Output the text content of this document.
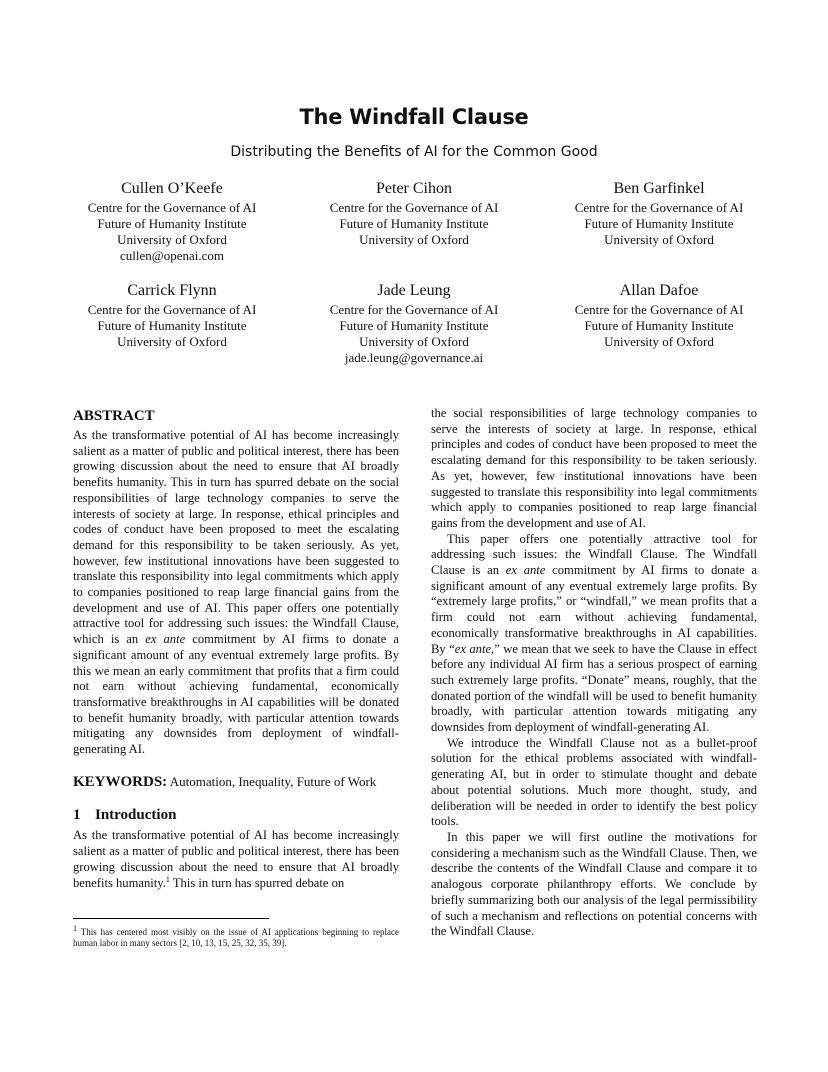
The Windfall Clause
Distributing the Benefits of AI for the Common Good
Cullen O’Keefe
Centre for the Governance of AI
Future of Humanity Institute
University of Oxford
cullen@openai.com
Peter Cihon
Centre for the Governance of AI
Future of Humanity Institute
University of Oxford
Ben Garfinkel
Centre for the Governance of AI
Future of Humanity Institute
University of Oxford
Carrick Flynn
Centre for the Governance of AI
Future of Humanity Institute
University of Oxford
Jade Leung
Centre for the Governance of AI
Future of Humanity Institute
University of Oxford
jade.leung@governance.ai
Allan Dafoe
Centre for the Governance of AI
Future of Humanity Institute
University of Oxford

ABSTRACT

As the transformative potential of AI has become increasingly salient as a matter of public and political interest, there has been growing discussion about the need to ensure that AI broadly benefits humanity. This in turn has spurred debate on the social responsibilities of large technology companies to serve the interests of society at large. In response, ethical principles and codes of conduct have been proposed to meet the escalating demand for this responsibility to be taken seriously. As yet, however, few institutional innovations have been suggested to translate this responsibility into legal commitments which apply to companies positioned to reap large financial gains from the development and use of AI. This paper offers one potentially attractive tool for addressing such issues: the Windfall Clause, which is an ex ante commitment by AI firms to donate a significant amount of any eventual extremely large profits. By this we mean an early commitment that profits that a firm could not earn without achieving fundamental, economically transformative breakthroughs in AI capabilities will be donated to benefit humanity broadly, with particular attention towards mitigating any downsides from deployment of windfall-generating AI.

KEYWORDS: Automation, Inequality, Future of Work

1 Introduction

As the transformative potential of AI has become increasingly salient as a matter of public and political interest, there has been growing discussion about the need to ensure that AI broadly benefits humanity.$^1$ This in turn has spurred debate on

$^1$ This has centered most visibly on the issue of AI applications beginning to replace human labor in many sectors [2, 10, 13, 15, 25, 32, 35, 39].

the social responsibilities of large technology companies to serve the interests of society at large. In response, ethical principles and codes of conduct have been proposed to meet the escalating demand for this responsibility to be taken seriously. As yet, however, few institutional innovations have been suggested to translate this responsibility into legal commitments which apply to companies positioned to reap large financial gains from the development and use of AI.

This paper offers one potentially attractive tool for addressing such issues: the Windfall Clause. The Windfall Clause is an ex ante commitment by AI firms to donate a significant amount of any eventual extremely large profits. By “extremely large profits,” or “windfall,” we mean profits that a firm could not earn without achieving fundamental, economically transformative breakthroughs in AI capabilities. By “ex ante,” we mean that we seek to have the Clause in effect before any individual AI firm has a serious prospect of earning such extremely large profits. “Donate” means, roughly, that the donated portion of the windfall will be used to benefit humanity broadly, with particular attention towards mitigating any downsides from deployment of windfall-generating AI.

We introduce the Windfall Clause not as a bullet-proof solution for the ethical problems associated with windfall-generating AI, but in order to stimulate thought and debate about potential solutions. Much more thought, study, and deliberation will be needed in order to identify the best policy tools.

In this paper we will first outline the motivations for considering a mechanism such as the Windfall Clause. Then, we describe the contents of the Windfall Clause and compare it to analogous corporate philanthropy efforts. We conclude by briefly summarizing both our analysis of the legal permissibility of such a mechanism and reflections on potential concerns with the Windfall Clause.
